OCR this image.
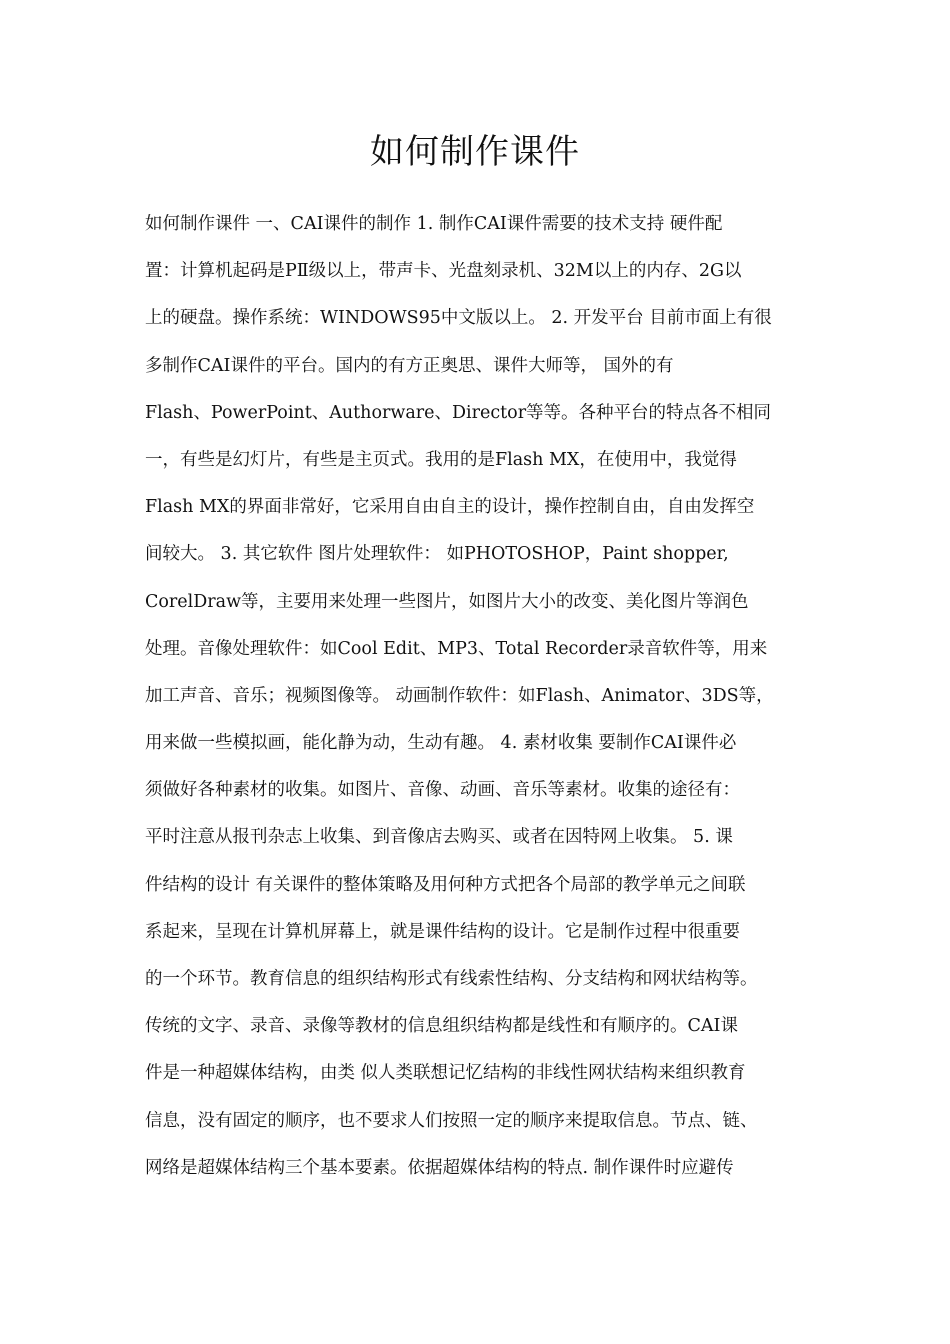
如何制作课件
如何制作课件 一、CAI课件的制作 1. 制作CAI课件需要的技术支持 硬件配
置：计算机起码是PⅡ级以上，带声卡、光盘刻录机、32M以上的内存、2G以
上的硬盘。操作系统：WINDOWS95中文版以上。 2. 开发平台 目前市面上有很
多制作CAI课件的平台。国内的有方正奥思、课件大师等， 国外的有
Flash、PowerPoint、Authorware、Director等等。各种平台的特点各不相同
一，有些是幻灯片，有些是主页式。我用的是Flash MX，在使用中，我觉得
Flash MX的界面非常好，它采用自由自主的设计，操作控制自由，自由发挥空
间较大。 3. 其它软件 图片处理软件： 如PHOTOSHOP，Paint shopper,
CorelDraw等，主要用来处理一些图片，如图片大小的改变、美化图片等润色
处理。音像处理软件：如Cool Edit、MP3、Total Recorder录音软件等，用来
加工声音、音乐；视频图像等。 动画制作软件：如Flash、Animator、3DS等，
用来做一些模拟画，能化静为动，生动有趣。 4. 素材收集 要制作CAI课件必
须做好各种素材的收集。如图片、音像、动画、音乐等素材。收集的途径有：
平时注意从报刊杂志上收集、到音像店去购买、或者在因特网上收集。 5. 课
件结构的设计 有关课件的整体策略及用何种方式把各个局部的教学单元之间联
系起来，呈现在计算机屏幕上，就是课件结构的设计。它是制作过程中很重要
的一个环节。教育信息的组织结构形式有线索性结构、分支结构和网状结构等。
传统的文字、录音、录像等教材的信息组织结构都是线性和有顺序的。CAI课
件是一种超媒体结构，由类 似人类联想记忆结构的非线性网状结构来组织教育
信息，没有固定的顺序，也不要求人们按照一定的顺序来提取信息。节点、链、
网络是超媒体结构三个基本要素。依据超媒体结构的特点. 制作课件时应避传
